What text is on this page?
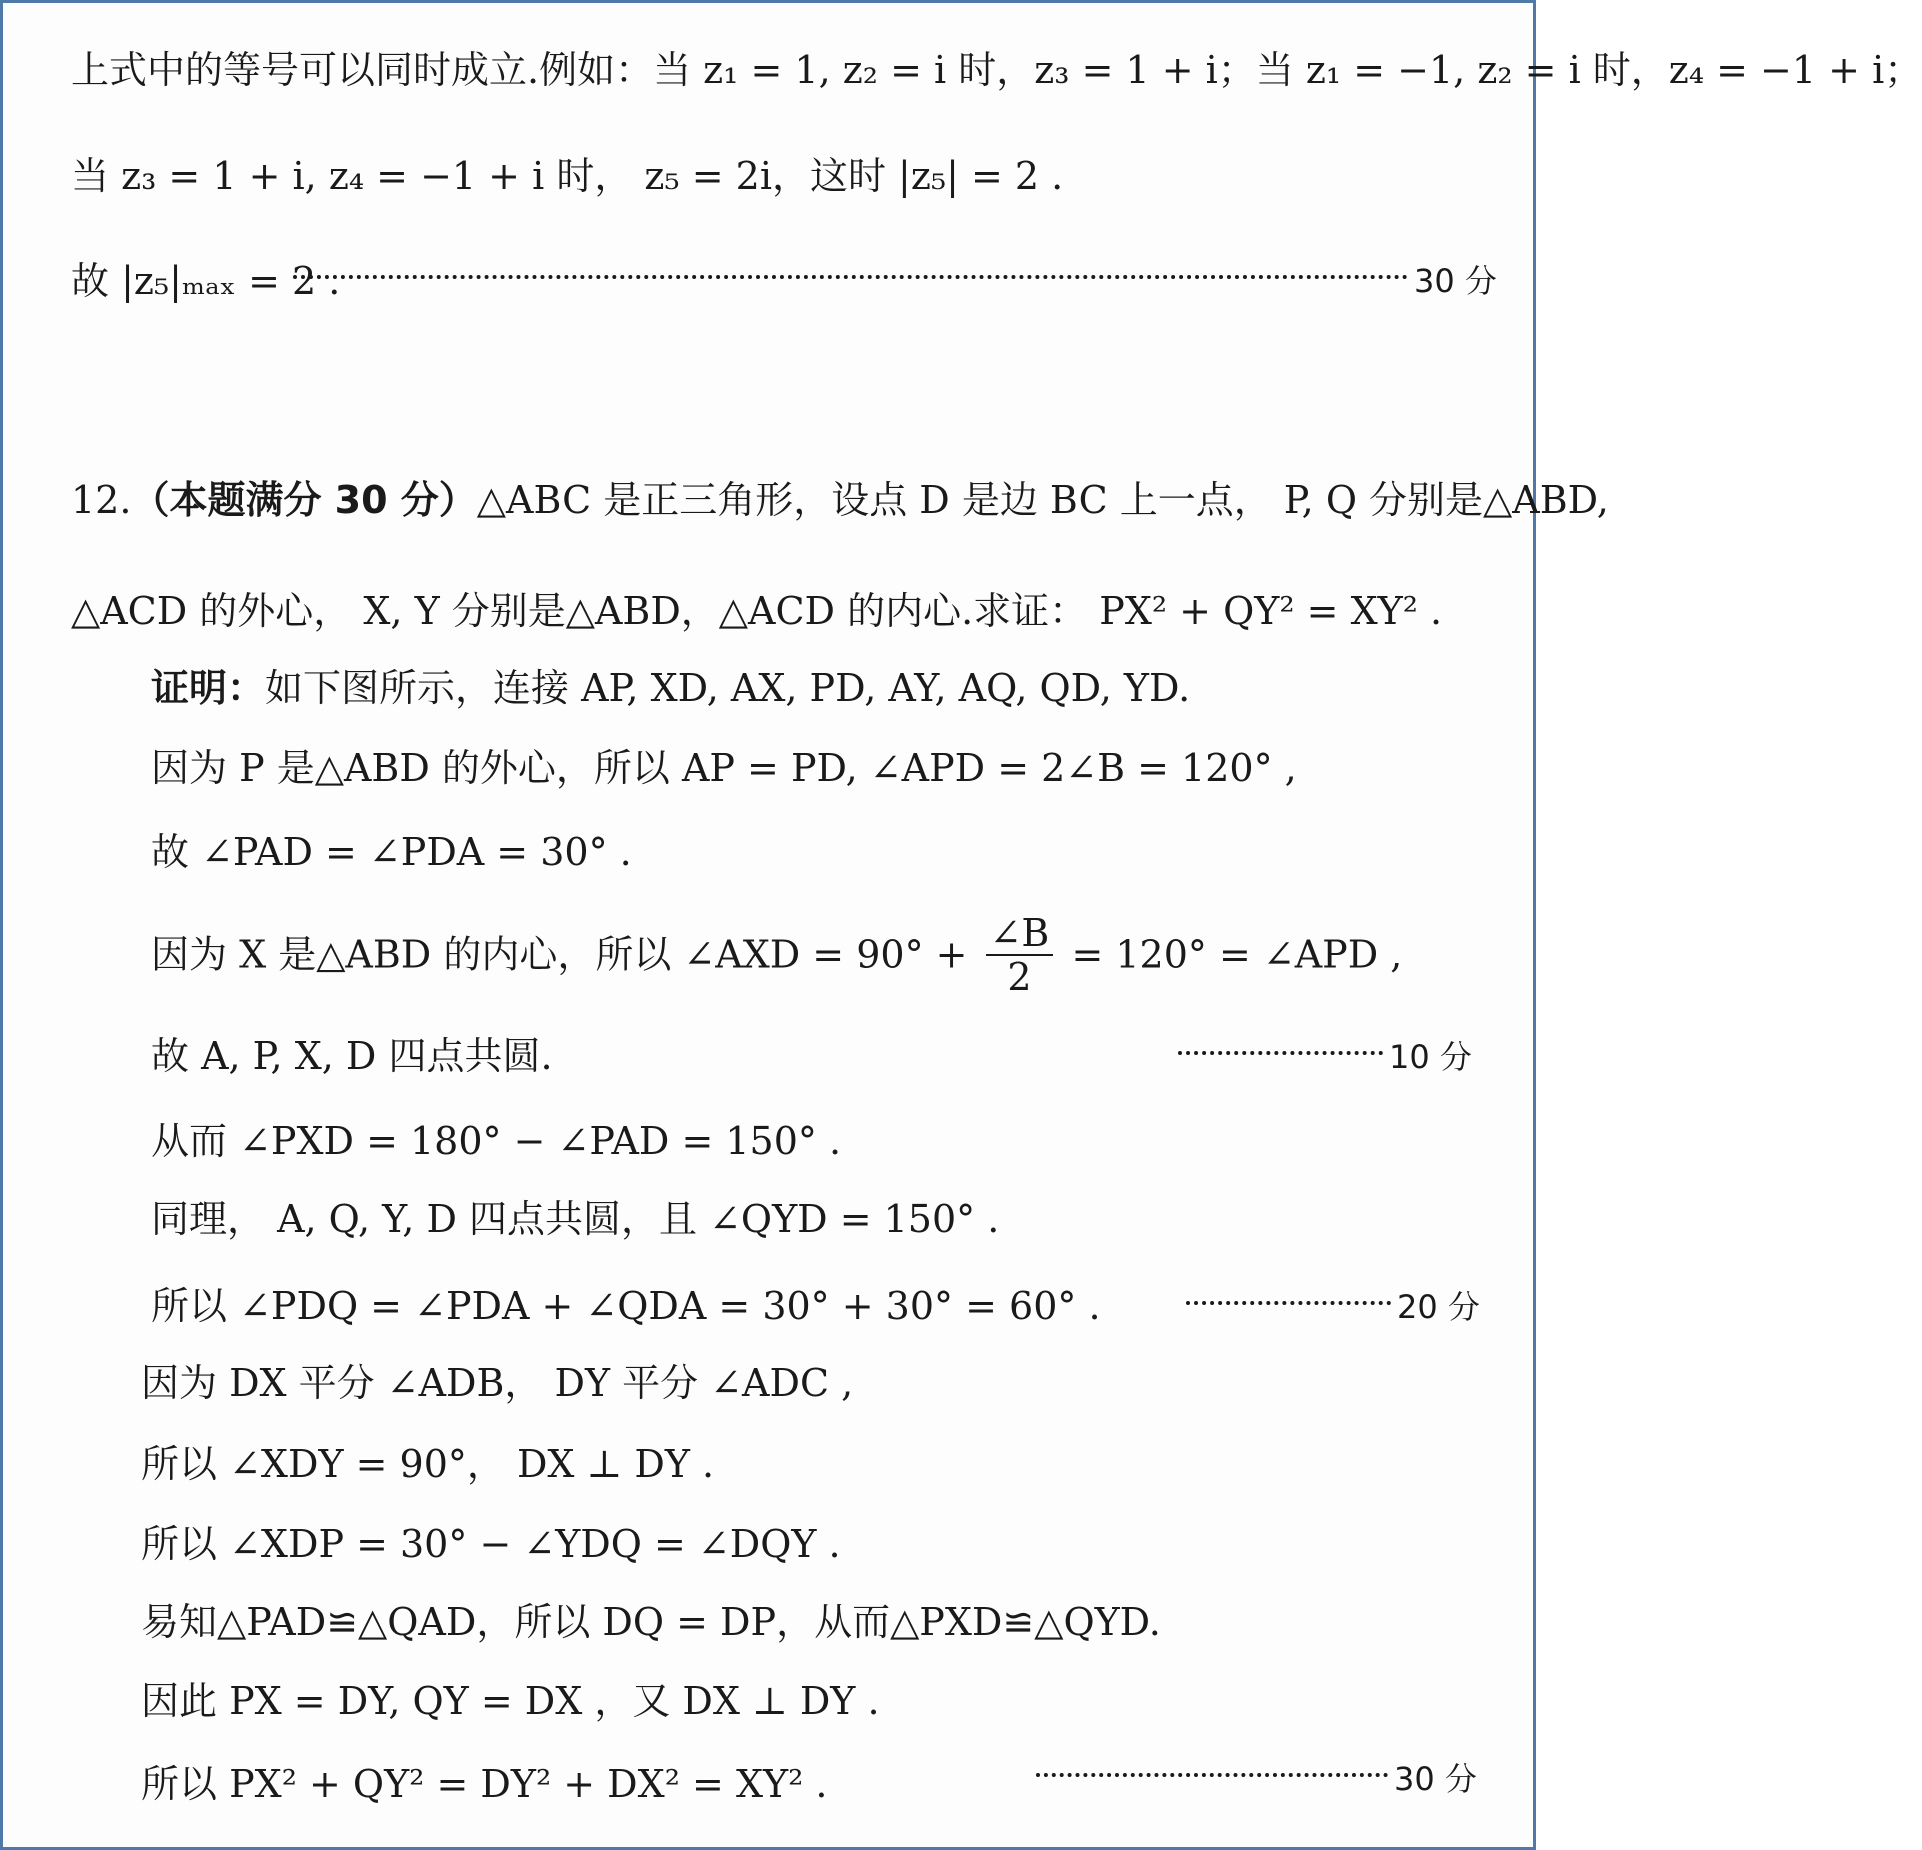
上式中的等号可以同时成立.例如：当 z₁ = 1, z₂ = i 时，z₃ = 1 + i；当 z₁ = −1, z₂ = i 时，z₄ = −1 + i；
当 z₃ = 1 + i, z₄ = −1 + i 时， z₅ = 2i，这时 |z₅| = 2 .
故 |z₅|ₘₐₓ = 2 .	30 分
12.（本题满分 30 分）△ABC 是正三角形，设点 D 是边 BC 上一点， P, Q 分别是△ABD,
△ACD 的外心， X, Y 分别是△ABD，△ACD 的内心.求证： PX² + QY² = XY² .
证明：如下图所示，连接 AP, XD, AX, PD, AY, AQ, QD, YD.
因为 P 是△ABD 的外心，所以 AP = PD, ∠APD = 2∠B = 120° ,
故 ∠PAD = ∠PDA = 30° .
因为 X 是△ABD 的内心，所以 ∠AXD = $90^\circ + \frac{\angle B}{2} = 120^\circ$ = ∠APD ,
故 A, P, X, D 四点共圆.	10 分
从而 ∠PXD = 180° − ∠PAD = 150° .
同理， A, Q, Y, D 四点共圆，且 ∠QYD = 150° .
所以 ∠PDQ = ∠PDA + ∠QDA = 30° + 30° = 60° .	20 分
因为 DX 平分 ∠ADB， DY 平分 ∠ADC ,
所以 ∠XDY = 90°， DX ⊥ DY .
所以 ∠XDP = 30° − ∠YDQ = ∠DQY .
易知△PAD≌△QAD，所以 DQ = DP，从而△PXD≌△QYD.
因此 PX = DY, QY = DX ，又 DX ⊥ DY .
所以 PX² + QY² = DY² + DX² = XY² .	30 分
